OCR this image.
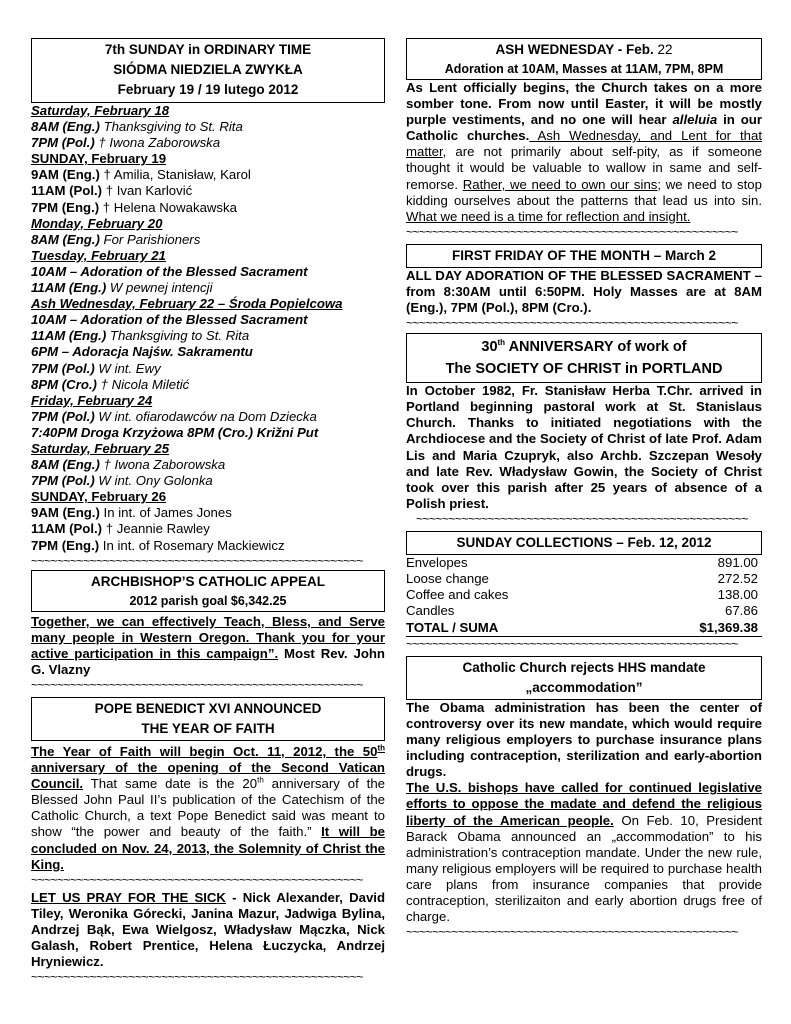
7th SUNDAY in ORDINARY TIME
SIÓDMA NIEDZIELA ZWYKŁA
February 19 / 19 lutego 2012
Saturday, February 18
8AM (Eng.) Thanksgiving to St. Rita
7PM (Pol.) † Iwona Zaborowska
SUNDAY, February 19
9AM (Eng.) † Amilia, Stanisław, Karol
11AM (Pol.) † Ivan Karlović
7PM (Eng.) † Helena Nowakawska
Monday, February 20
8AM (Eng.) For Parishioners
Tuesday, February 21
10AM – Adoration of the Blessed Sacrament
11AM (Eng.) W pewnej intencji
Ash Wednesday, February 22 – Środa Popielcowa
10AM – Adoration of the Blessed Sacrament
11AM (Eng.) Thanksgiving to St. Rita
6PM – Adoracja Najśw. Sakramentu
7PM (Pol.) W int. Ewy
8PM (Cro.) † Nicola Miletić
Friday, February 24
7PM (Pol.) W int. ofiarodawców na Dom Dziecka
7:40PM Droga Krzyżowa 8PM (Cro.) Križni Put
Saturday, February 25
8AM (Eng.) † Iwona Zaborowska
7PM (Pol.) W int. Ony Golonka
SUNDAY, February 26
9AM (Eng.) In int. of James Jones
11AM (Pol.) † Jeannie Rawley
7PM (Eng.) In int. of Rosemary Mackiewicz
~~~~~~~~~~~~~~~~~~~~~~~~~~~~~~~~~~~~~~~~~~~~~~~~~~~
ARCHBISHOP’S CATHOLIC APPEAL
2012 parish goal $6,342.25
Together, we can effectively Teach, Bless, and Serve many people in Western Oregon. Thank you for your active participation in this campaign”. Most Rev. John G. Vlazny
~~~~~~~~~~~~~~~~~~~~~~~~~~~~~~~~~~~~~~~~~~~~~~~~~~~
POPE BENEDICT XVI ANNOUNCED
THE YEAR OF FAITH
The Year of Faith will begin Oct. 11, 2012, the 50th anniversary of the opening of the Second Vatican Council. That same date is the 20th anniversary of the Blessed John Paul II’s publication of the Catechism of the Catholic Church, a text Pope Benedict said was meant to show “the power and beauty of the faith.” It will be concluded on Nov. 24, 2013, the Solemnity of Christ the King.
~~~~~~~~~~~~~~~~~~~~~~~~~~~~~~~~~~~~~~~~~~~~~~~~~~~
LET US PRAY FOR THE SICK - Nick Alexander, David Tiley, Weronika Górecki, Janina Mazur, Jadwiga Bylina, Andrzej Bąk, Ewa Wielgosz, Władysław Mączka, Nick Galash, Robert Prentice, Helena Łuczycka, Andrzej Hryniewicz.
~~~~~~~~~~~~~~~~~~~~~~~~~~~~~~~~~~~~~~~~~~~~~~~~~~~
ASH WEDNESDAY - Feb. 22
Adoration at 10AM, Masses at 11AM, 7PM, 8PM
As Lent officially begins, the Church takes on a more somber tone. From now until Easter, it will be mostly purple vestiments, and no one will hear alleluia in our Catholic churches. Ash Wednesday, and Lent for that matter, are not primarily about self-pity, as if someone thought it would be valuable to wallow in same and self-remorse. Rather, we need to own our sins; we need to stop kidding ourselves about the patterns that lead us into sin. What we need is a time for reflection and insight.
~~~~~~~~~~~~~~~~~~~~~~~~~~~~~~~~~~~~~~~~~~~~~~~~~~~
FIRST FRIDAY OF THE MONTH – March 2
ALL DAY ADORATION OF THE BLESSED SACRAMENT – from 8:30AM until 6:50PM. Holy Masses are at 8AM (Eng.), 7PM (Pol.), 8PM (Cro.).
~~~~~~~~~~~~~~~~~~~~~~~~~~~~~~~~~~~~~~~~~~~~~~~~~~~
30th ANNIVERSARY of work of
The SOCIETY OF CHRIST in PORTLAND
In October 1982, Fr. Stanisław Herba T.Chr. arrived in Portland beginning pastoral work at St. Stanislaus Church. Thanks to initiated negotiations with the Archdiocese and the Society of Christ of late Prof. Adam Lis and Maria Czupryk, also Archb. Szczepan Wesoły and late Rev. Władysław Gowin, the Society of Christ took over this parish after 25 years of absence of a Polish priest.
~~~~~~~~~~~~~~~~~~~~~~~~~~~~~~~~~~~~~~~~~~~~~~~~~~~
SUNDAY COLLECTIONS – Feb. 12, 2012
Envelopes	891.00
Loose change	272.52
Coffee and cakes	138.00
Candles	67.86
TOTAL / SUMA	$1,369.38
~~~~~~~~~~~~~~~~~~~~~~~~~~~~~~~~~~~~~~~~~~~~~~~~~~~
Catholic Church rejects HHS mandate
„accommodation”
The Obama administration has been the center of controversy over its new mandate, which would require many religious employers to purchase insurance plans including contraception, sterilization and early-abortion drugs.
The U.S. bishops have called for continued legislative efforts to oppose the madate and defend the religious liberty of the American people. On Feb. 10, President Barack Obama announced an „accommodation” to his administration’s contraception mandate. Under the new rule, many religious employers will be required to purchase health care plans from insurance companies that provide contraception, sterilizaiton and early abortion drugs free of charge.
~~~~~~~~~~~~~~~~~~~~~~~~~~~~~~~~~~~~~~~~~~~~~~~~~~~
